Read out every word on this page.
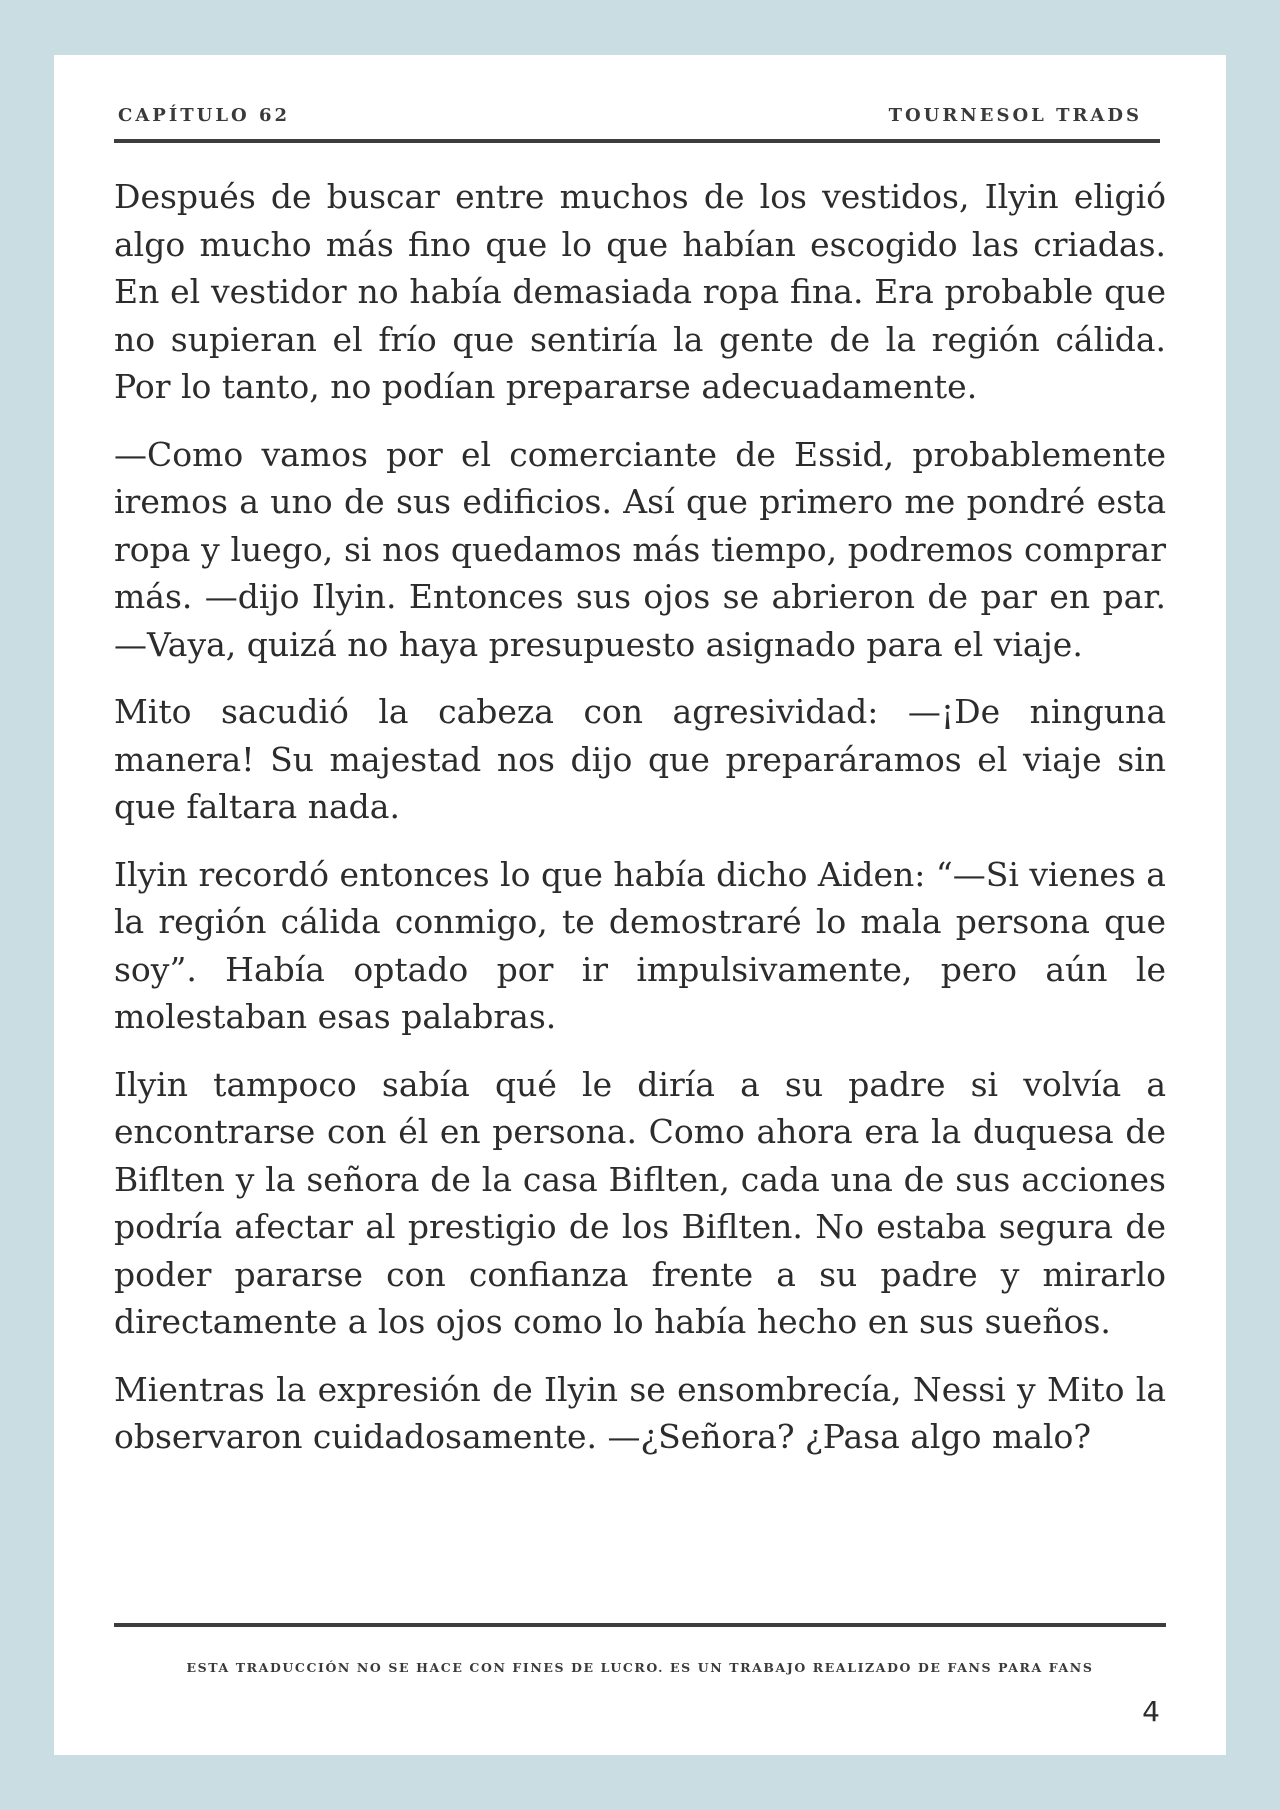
CAPÍTULO 62	TOURNESOL TRADS

Después de buscar entre muchos de los vestidos, Ilyin eligió algo mucho más fino que lo que habían escogido las criadas. En el vestidor no había demasiada ropa fina. Era probable que no supieran el frío que sentiría la gente de la región cálida. Por lo tanto, no podían prepararse adecuadamente.

—Como vamos por el comerciante de Essid, probablemente iremos a uno de sus edificios. Así que primero me pondré esta ropa y luego, si nos quedamos más tiempo, podremos comprar más. —dijo Ilyin. Entonces sus ojos se abrieron de par en par. —Vaya, quizá no haya presupuesto asignado para el viaje.

Mito sacudió la cabeza con agresividad: —¡De ninguna manera! Su majestad nos dijo que preparáramos el viaje sin que faltara nada.

Ilyin recordó entonces lo que había dicho Aiden: “—Si vienes a la región cálida conmigo, te demostraré lo mala persona que soy”. Había optado por ir impulsivamente, pero aún le molestaban esas palabras.

Ilyin tampoco sabía qué le diría a su padre si volvía a encontrarse con él en persona. Como ahora era la duquesa de Biflten y la señora de la casa Biflten, cada una de sus acciones podría afectar al prestigio de los Biflten. No estaba segura de poder pararse con confianza frente a su padre y mirarlo directamente a los ojos como lo había hecho en sus sueños.

Mientras la expresión de Ilyin se ensombrecía, Nessi y Mito la observaron cuidadosamente. —¿Señora? ¿Pasa algo malo?

ESTA TRADUCCIÓN NO SE HACE CON FINES DE LUCRO. ES UN TRABAJO REALIZADO DE FANS PARA FANS
4
